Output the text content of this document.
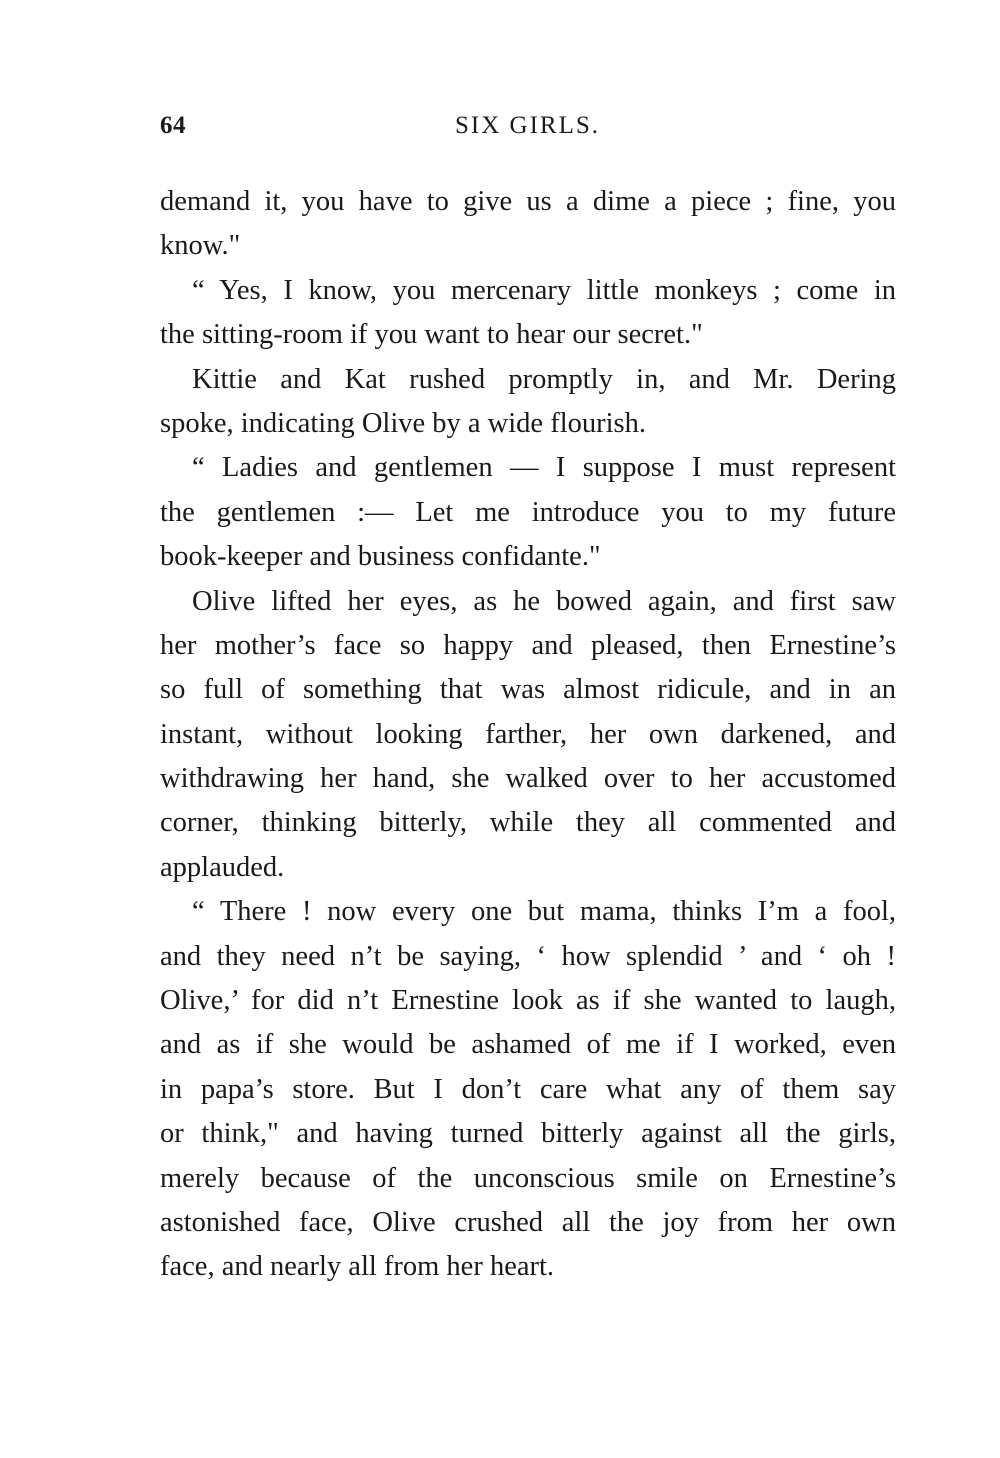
64	SIX GIRLS.
demand it, you have to give us a dime a piece ; fine, you
know."
“ Yes, I know, you mercenary little monkeys ; come in
the sitting-room if you want to hear our secret."
Kittie and Kat rushed promptly in, and Mr. Dering
spoke, indicating Olive by a wide flourish.
“ Ladies and gentlemen — I suppose I must represent
the gentlemen :— Let me introduce you to my future
book-keeper and business confidante."
Olive lifted her eyes, as he bowed again, and first saw
her mother’s face so happy and pleased, then Ernestine’s
so full of something that was almost ridicule, and in an
instant, without looking farther, her own darkened, and
withdrawing her hand, she walked over to her accustomed
corner, thinking bitterly, while they all commented and
applauded.
“ There ! now every one but mama, thinks I’m a fool,
and they need n’t be saying, ‘ how splendid ’ and ‘ oh !
Olive,’ for did n’t Ernestine look as if she wanted to laugh,
and as if she would be ashamed of me if I worked, even
in papa’s store. But I don’t care what any of them say
or think," and having turned bitterly against all the girls,
merely because of the unconscious smile on Ernestine’s
astonished face, Olive crushed all the joy from her own
face, and nearly all from her heart.
